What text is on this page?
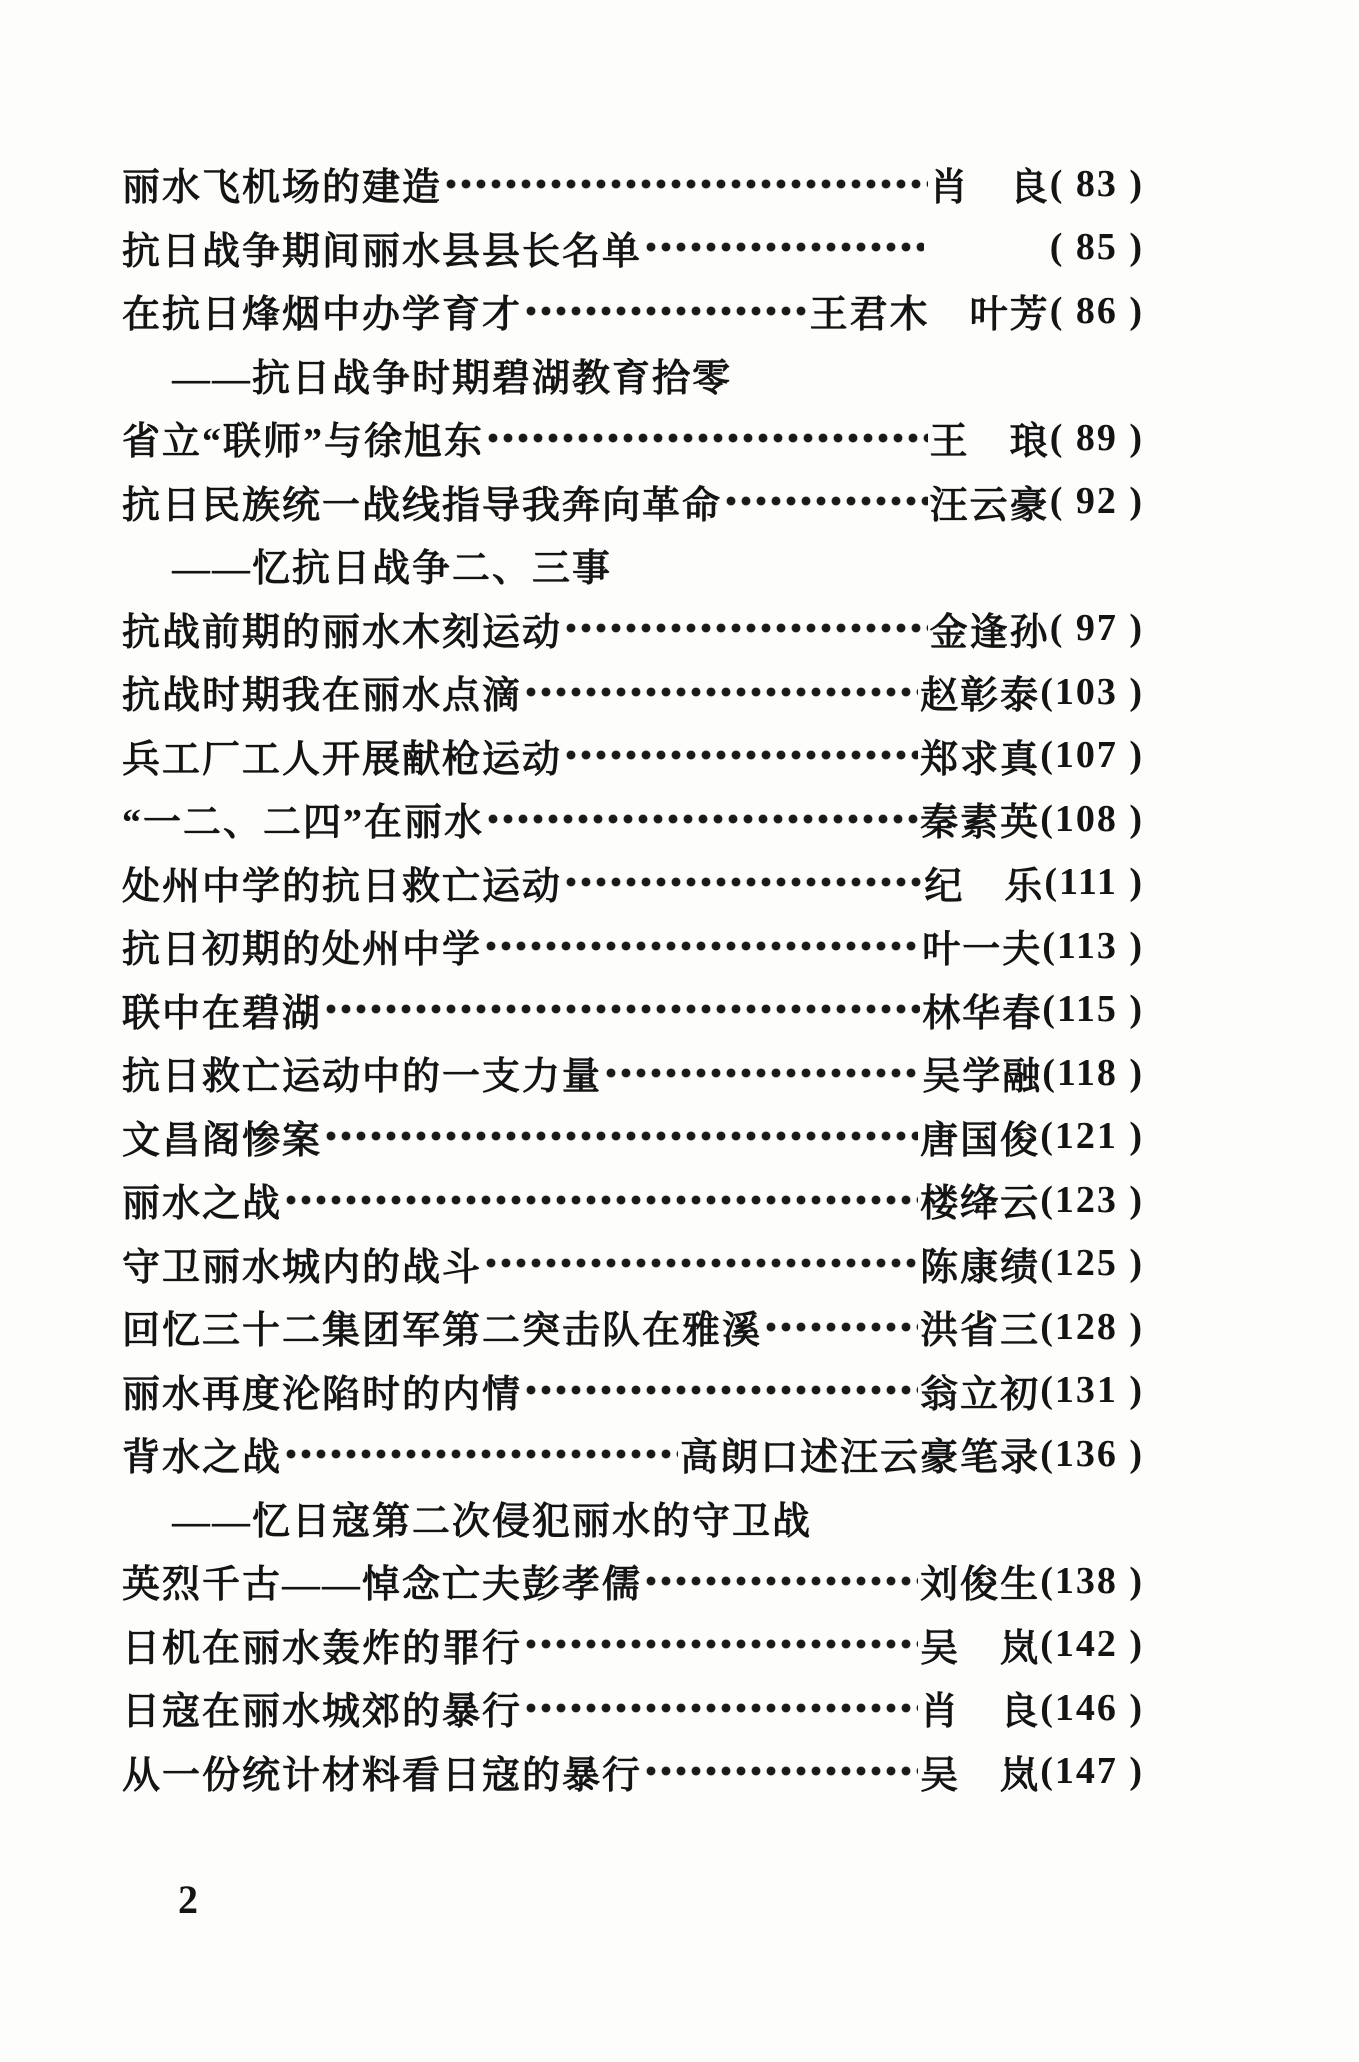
丽水飞机场的建造	肖　良 ( 83 )
抗日战争期间丽水县县长名单	( 85 )
在抗日烽烟中办学育才	王君木　叶芳 ( 86 )
——抗日战争时期碧湖教育拾零
省立“联师”与徐旭东	王　琅 ( 89 )
抗日民族统一战线指导我奔向革命	汪云豪 ( 92 )
——忆抗日战争二、三事
抗战前期的丽水木刻运动	金逢孙 ( 97 )
抗战时期我在丽水点滴	赵彰泰 (103 )
兵工厂工人开展献枪运动	郑求真 (107 )
“一二、二四”在丽水	秦素英 (108 )
处州中学的抗日救亡运动	纪　乐 (111 )
抗日初期的处州中学	叶一夫 (113 )
联中在碧湖	林华春 (115 )
抗日救亡运动中的一支力量	吴学融 (118 )
文昌阁惨案	唐国俊 (121 )
丽水之战	楼绛云 (123 )
守卫丽水城内的战斗	陈康绩 (125 )
回忆三十二集团军第二突击队在雅溪	洪省三 (128 )
丽水再度沦陷时的内情	翁立初 (131 )
背水之战	高朗口述汪云豪笔录 (136 )
——忆日寇第二次侵犯丽水的守卫战
英烈千古——悼念亡夫彭孝儒	刘俊生 (138 )
日机在丽水轰炸的罪行	吴　岚 (142 )
日寇在丽水城郊的暴行	肖　良 (146 )
从一份统计材料看日寇的暴行	吴　岚 (147 )
2
